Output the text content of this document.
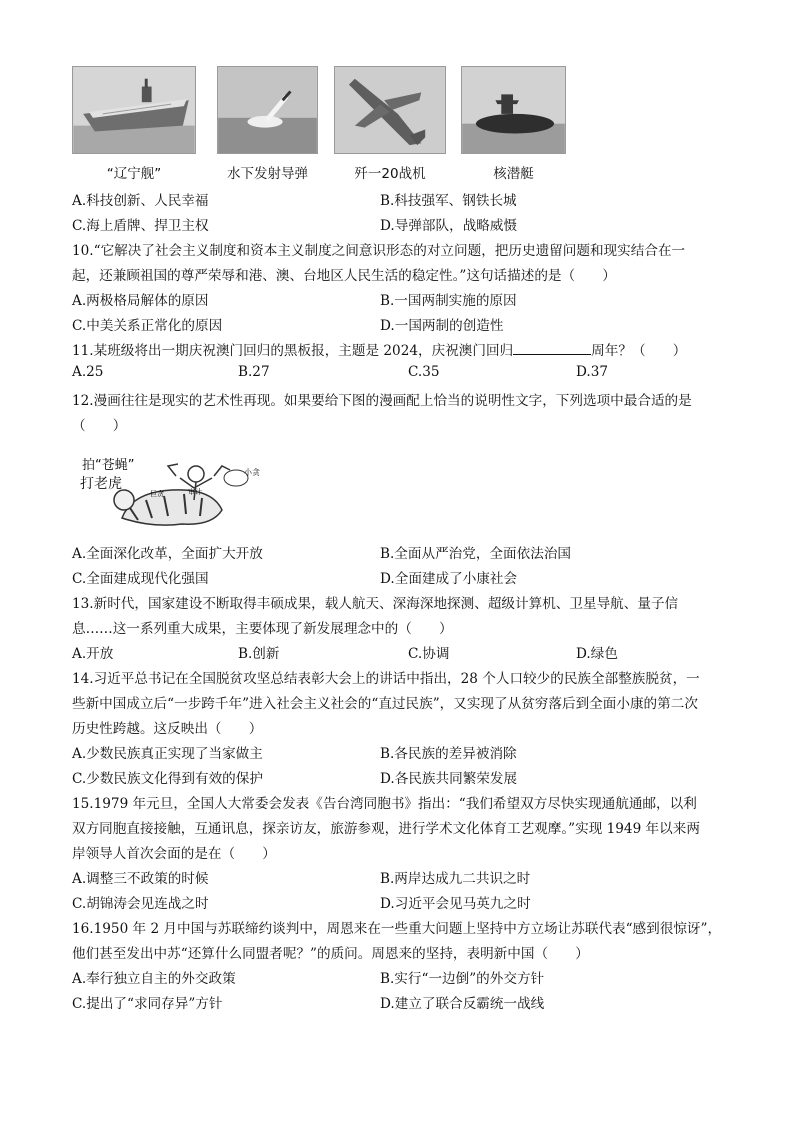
“辽宁舰”	水下发射导弹	歼一20战机	核潜艇
A.科技创新、人民幸福	B.科技强军、钢铁长城
C.海上盾牌、捍卫主权	D.导弹部队，战略威慑
10.“它解决了社会主义制度和资本主义制度之间意识形态的对立问题，把历史遗留问题和现实结合在一
起，还兼顾祖国的尊严荣辱和港、澳、台地区人民生活的稳定性。”这句话描述的是（　　）
A.两极格局解体的原因	B.一国两制实施的原因
C.中美关系正常化的原因	D.一国两制的创造性
11.某班级将出一期庆祝澳门回归的黑板报，主题是 2024，庆祝澳门回归	周年？（　　）
A.25	B.27	C.35	D.37
12.漫画往往是现实的艺术性再现。如果要给下图的漫画配上恰当的说明性文字，下列选项中最合适的是
（　　）
巨贪	审计
拍“苍蝇”
打老虎
小贪
A.全面深化改革，全面扩大开放	B.全面从严治党，全面依法治国
C.全面建成现代化强国	D.全面建成了小康社会
13.新时代，国家建设不断取得丰硕成果，载人航天、深海深地探测、超级计算机、卫星导航、量子信
息……这一系列重大成果，主要体现了新发展理念中的（　　）
A.开放	B.创新	C.协调	D.绿色
14.习近平总书记在全国脱贫攻坚总结表彰大会上的讲话中指出，28 个人口较少的民族全部整族脱贫，一
些新中国成立后“一步跨千年”进入社会主义社会的“直过民族”，又实现了从贫穷落后到全面小康的第二次
历史性跨越。这反映出（　　）
A.少数民族真正实现了当家做主	B.各民族的差异被消除
C.少数民族文化得到有效的保护	D.各民族共同繁荣发展
15.1979 年元旦，全国人大常委会发表《告台湾同胞书》指出：“我们希望双方尽快实现通航通邮，以利
双方同胞直接接触，互通讯息，探亲访友，旅游参观，进行学术文化体育工艺观摩。”实现 1949 年以来两
岸领导人首次会面的是在（　　）
A.调整三不政策的时候	B.两岸达成九二共识之时
C.胡锦涛会见连战之时	D.习近平会见马英九之时
16.1950 年 2 月中国与苏联缔约谈判中，周恩来在一些重大问题上坚持中方立场让苏联代表“感到很惊讶”，
他们甚至发出中苏“还算什么同盟者呢？”的质问。周恩来的坚持，表明新中国（　　）
A.奉行独立自主的外交政策	B.实行“一边倒”的外交方针
C.提出了“求同存异”方针	D.建立了联合反霸统一战线
